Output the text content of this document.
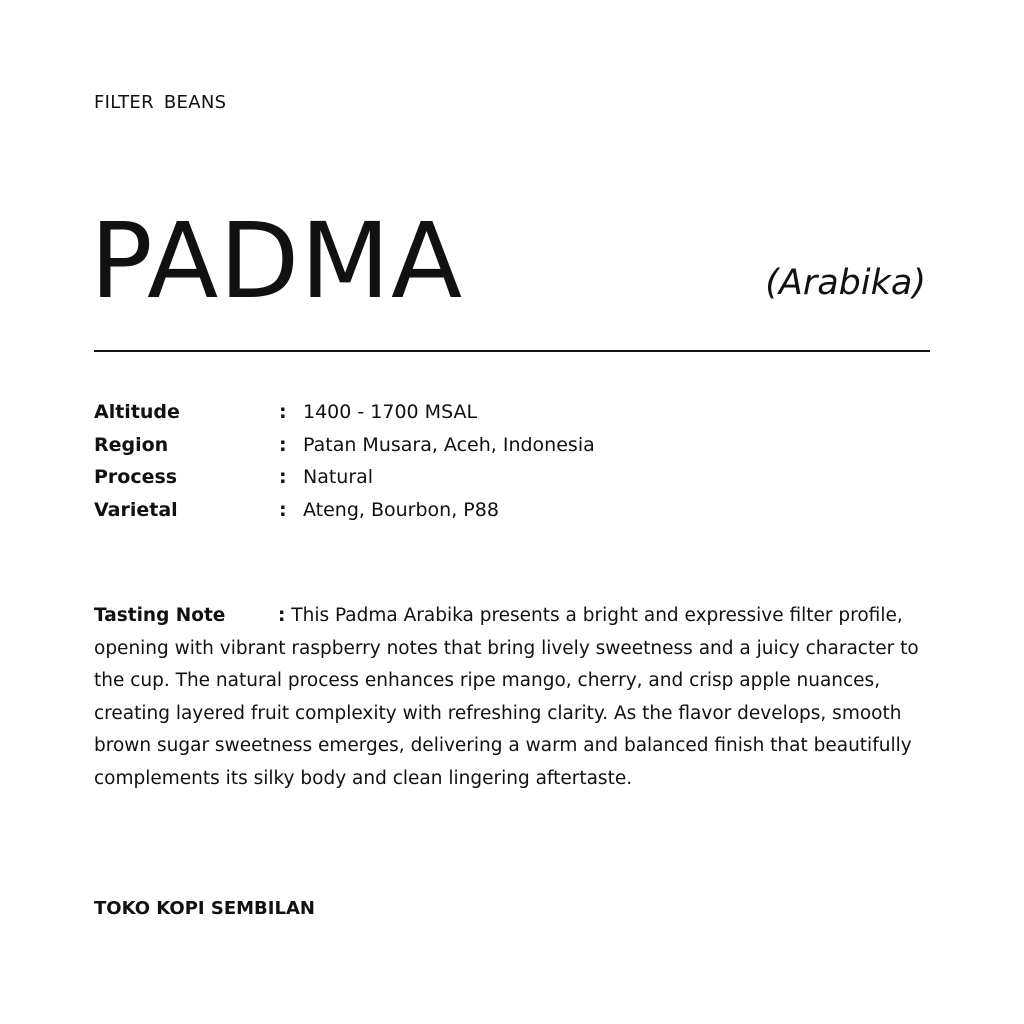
FILTER BEANS
PADMA	(Arabika)
Altitude	: 1400 - 1700 MSAL
Region	: Patan Musara, Aceh, Indonesia
Process	: Natural
Varietal	: Ateng, Bourbon, P88
Tasting Note	: This Padma Arabika presents a bright and expressive filter profile, opening with vibrant raspberry notes that bring lively sweetness and a juicy character to the cup. The natural process enhances ripe mango, cherry, and crisp apple nuances, creating layered fruit complexity with refreshing clarity. As the flavor develops, smooth brown sugar sweetness emerges, delivering a warm and balanced finish that beautifully complements its silky body and clean lingering aftertaste.
TOKO KOPI SEMBILAN
